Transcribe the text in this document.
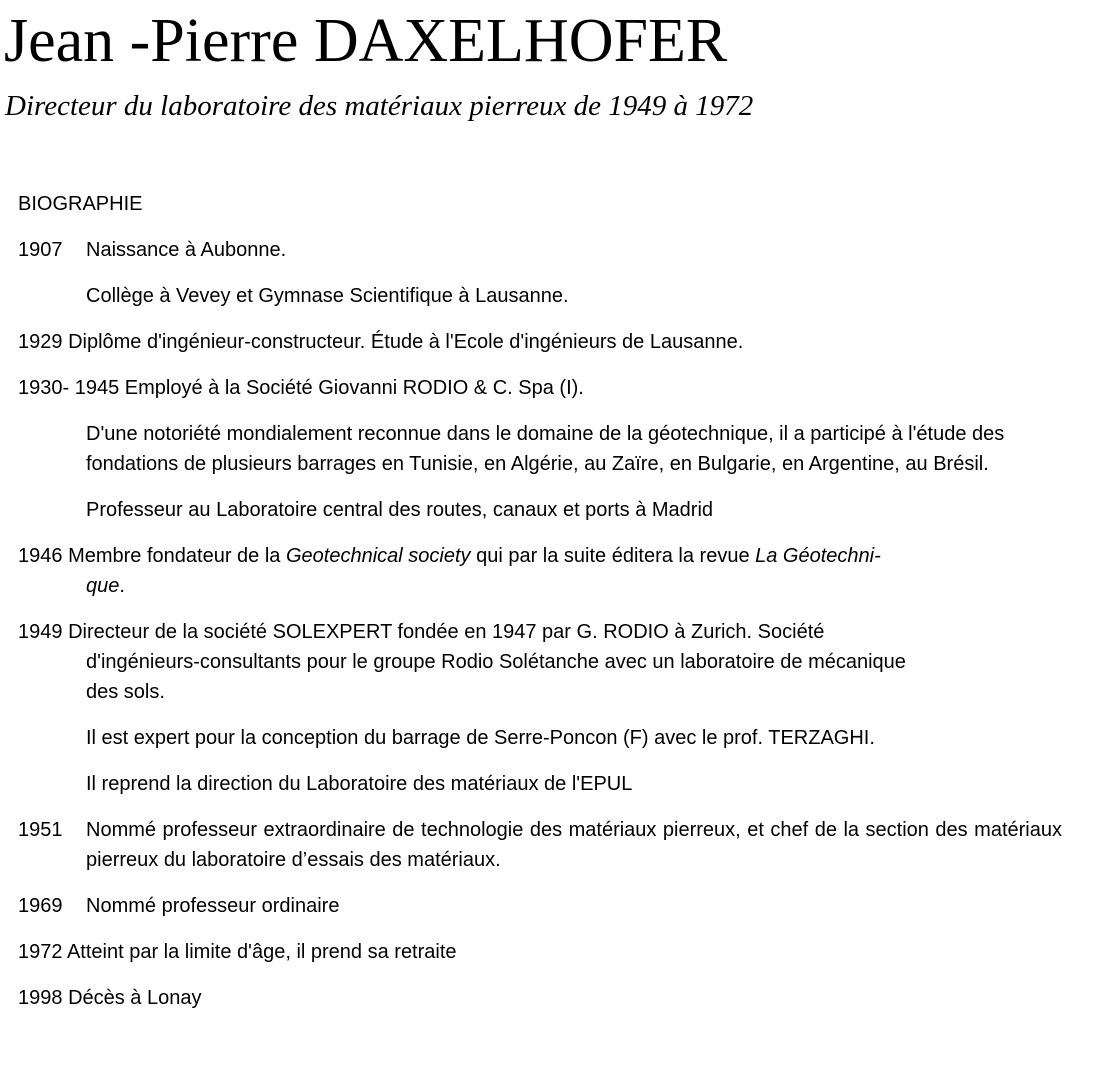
Jean -Pierre DAXELHOFER
Directeur du laboratoire des matériaux pierreux de 1949 à 1972
BIOGRAPHIE
1907	Naissance à Aubonne.
Collège à Vevey et Gymnase Scientifique à Lausanne.
1929 Diplôme d'ingénieur-constructeur. Étude à l'Ecole d'ingénieurs de Lausanne.
1930- 1945 Employé à la Société Giovanni RODIO & C. Spa (I).
D'une notoriété mondialement reconnue dans le domaine de la géotechnique, il a participé à l'étude des fondations de plusieurs barrages en Tunisie, en Algérie, au Zaïre, en Bulgarie, en Argentine, au Brésil.
Professeur au Laboratoire central des routes, canaux et ports à Madrid
1946 Membre fondateur de la Geotechnical society qui par la suite éditera la revue La Géotechni-
que.
1949 Directeur de la société SOLEXPERT fondée en 1947 par G. RODIO à Zurich. Société
d'ingénieurs-consultants pour le groupe Rodio Solétanche avec un laboratoire de mécanique
des sols.
Il est expert pour la conception du barrage de Serre-Poncon (F) avec le prof. TERZAGHI.
Il reprend la direction du Laboratoire des matériaux de l'EPUL
1951	Nommé professeur extraordinaire de technologie des matériaux pierreux, et chef de la section des matériaux pierreux du laboratoire d’essais des matériaux.
1969	Nommé professeur ordinaire
1972 Atteint par la limite d'âge, il prend sa retraite
1998 Décès à Lonay
